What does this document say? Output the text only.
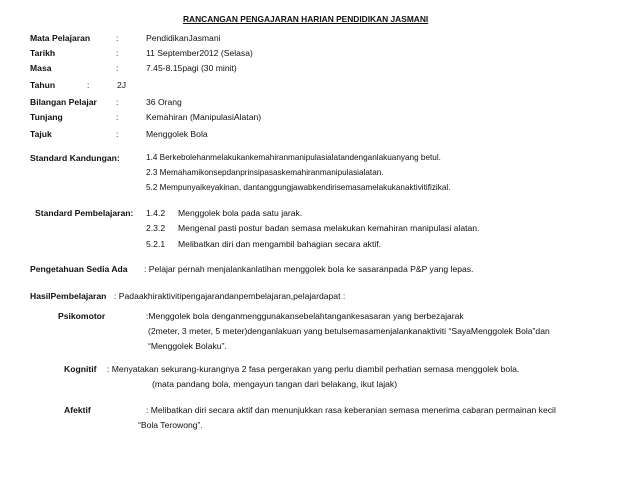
RANCANGAN PENGAJARAN HARIAN PENDIDIKAN JASMANI
Mata Pelajaran	:	PendidikanJasmani
Tarikh	:	11 September2012 (Selasa)
Masa	:	7.45-8.15pagi (30 minit)
Tahun	:	2J
Bilangan Pelajar :	36 Orang
Tunjang	:	Kemahiran (ManipulasiAlatan)
Tajuk	:	Menggolek Bola
Standard Kandungan:	1.4 Berkebolehanmelakukankemahiranmanipulasialatandenganlakuanyang betul.
2.3 Memahamikonsepdanprinsipasaskemahiranmanipulasialatan.
5.2 Mempunyaikeyakinan, dantanggungjawabkendirisemasamelakukanaktivitifizikal.
Standard Pembelajaran: 1.4.2 Menggolek bola pada satu jarak.
2.3.2 Mengenal pasti postur badan semasa melakukan kemahiran manipulasi alatan.
5.2.1 Melibatkan diri dan mengambil bahagian secara aktif.
Pengetahuan Sedia Ada : Pelajar pernah menjalankanlatihan menggolek bola ke sasaranpada P&P yang lepas.
HasilPembelajaran : Padaakhiraktivitipengajarandanpembelajaran,pelajardapat :
Psikomotor	:Menggolek bola denganmenggunakansebelahtangankesasaran yang berbezajarak
(2meter, 3 meter, 5 meter)denganlakuan yang betulsemasamenjalankanaktiviti “SayaMenggolek Bola”dan
“Menggolek Bolaku”.
Kognitif : Menyatakan sekurang-kurangnya 2 fasa pergerakan yang perlu diambil perhatian semasa menggolek bola.
(mata pandang bola, mengayun tangan dari belakang, ikut lajak)
Afektif	: Melibatkan diri secara aktif dan menunjukkan rasa keberanian semasa menerima cabaran permainan kecil
“Bola Terowong”.
